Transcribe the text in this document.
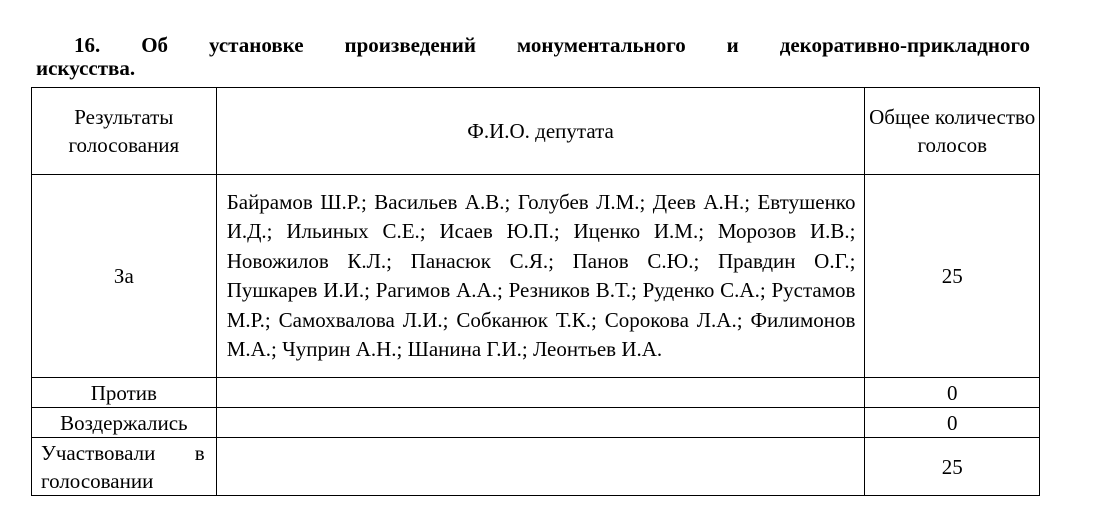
16. Об установке произведений монументального и декоративно-прикладного
искусства.
Результаты голосования	Ф.И.О. депутата	Общее количество голосов
За	Байрамов Ш.Р.; Васильев А.В.; Голубев Л.М.; Деев А.Н.; Евтушенко И.Д.; Ильиных С.Е.; Исаев Ю.П.; Иценко И.М.; Морозов И.В.; Новожилов К.Л.; Панасюк С.Я.; Панов С.Ю.; Правдин О.Г.; Пушкарев И.И.; Рагимов А.А.; Резников В.Т.; Руденко С.А.; Рустамов М.Р.; Самохвалова Л.И.; Собканюк Т.К.; Сорокова Л.А.; Филимонов М.А.; Чуприн А.Н.; Шанина Г.И.; Леонтьев И.А.	25
Против		0
Воздержались		0
Участвовали в голосовании		25
